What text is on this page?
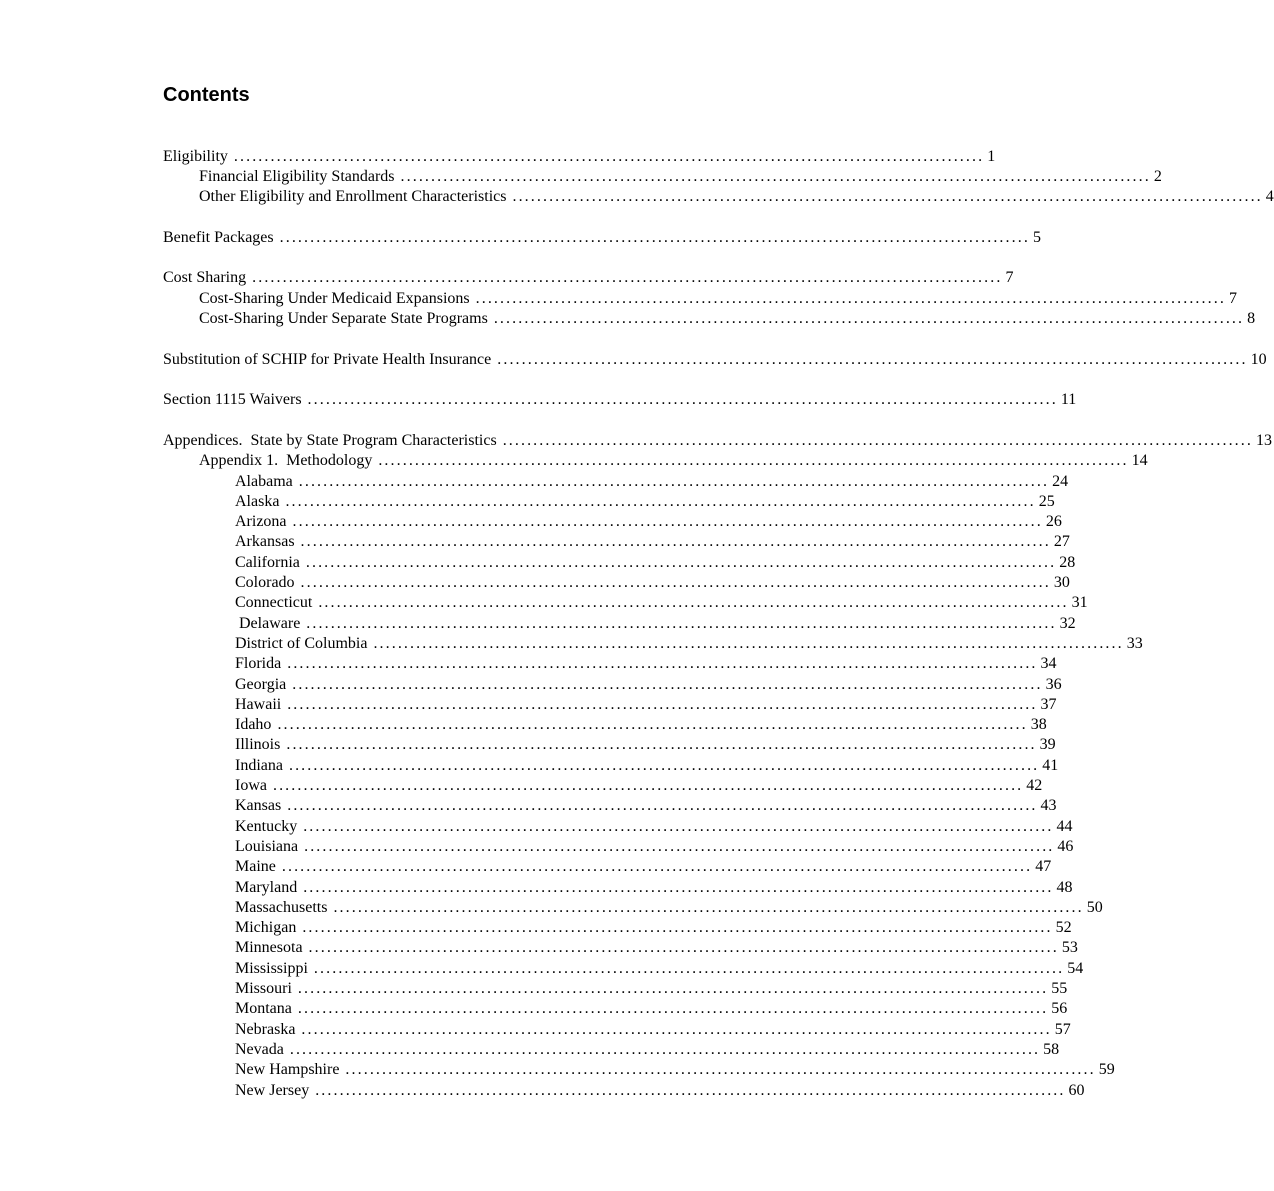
Contents
Eligibility ........................................................................................................................... 1
Financial Eligibility Standards ........................................................................................................................... 2
Other Eligibility and Enrollment Characteristics ........................................................................................................................... 4
Benefit Packages ........................................................................................................................... 5
Cost Sharing ........................................................................................................................... 7
Cost-Sharing Under Medicaid Expansions ........................................................................................................................... 7
Cost-Sharing Under Separate State Programs ........................................................................................................................... 8
Substitution of SCHIP for Private Health Insurance ........................................................................................................................... 10
Section 1115 Waivers ........................................................................................................................... 11
Appendices.  State by State Program Characteristics ........................................................................................................................... 13
Appendix 1.  Methodology ........................................................................................................................... 14
Alabama ........................................................................................................................... 24
Alaska ........................................................................................................................... 25
Arizona ........................................................................................................................... 26
Arkansas ........................................................................................................................... 27
California ........................................................................................................................... 28
Colorado ........................................................................................................................... 30
Connecticut ........................................................................................................................... 31
Delaware ........................................................................................................................... 32
District of Columbia ........................................................................................................................... 33
Florida ........................................................................................................................... 34
Georgia ........................................................................................................................... 36
Hawaii ........................................................................................................................... 37
Idaho ........................................................................................................................... 38
Illinois ........................................................................................................................... 39
Indiana ........................................................................................................................... 41
Iowa ........................................................................................................................... 42
Kansas ........................................................................................................................... 43
Kentucky ........................................................................................................................... 44
Louisiana ........................................................................................................................... 46
Maine ........................................................................................................................... 47
Maryland ........................................................................................................................... 48
Massachusetts ........................................................................................................................... 50
Michigan ........................................................................................................................... 52
Minnesota ........................................................................................................................... 53
Mississippi ........................................................................................................................... 54
Missouri ........................................................................................................................... 55
Montana ........................................................................................................................... 56
Nebraska ........................................................................................................................... 57
Nevada ........................................................................................................................... 58
New Hampshire ........................................................................................................................... 59
New Jersey ........................................................................................................................... 60
